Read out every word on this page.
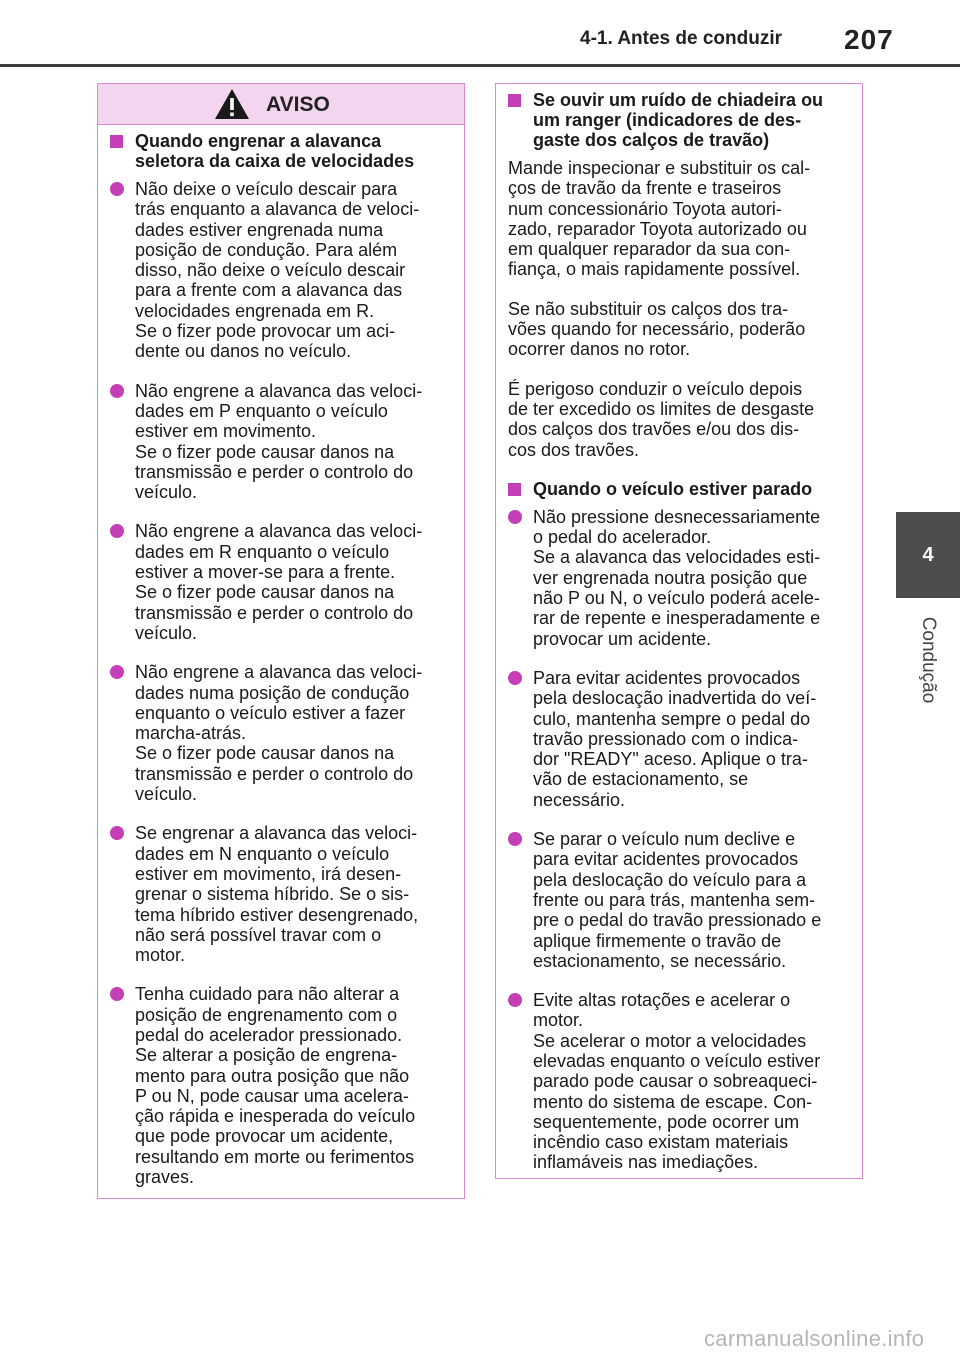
4-1. Antes de conduzir 207
4
Condução
AVISO
Quando engrenar a alavanca
seletora da caixa de velocidades
Não deixe o veículo descair para
trás enquanto a alavanca de veloci-
dades estiver engrenada numa
posição de condução. Para além
disso, não deixe o veículo descair
para a frente com a alavanca das
velocidades engrenada em R.
Se o fizer pode provocar um aci-
dente ou danos no veículo.
Não engrene a alavanca das veloci-
dades em P enquanto o veículo
estiver em movimento.
Se o fizer pode causar danos na
transmissão e perder o controlo do
veículo.
Não engrene a alavanca das veloci-
dades em R enquanto o veículo
estiver a mover-se para a frente.
Se o fizer pode causar danos na
transmissão e perder o controlo do
veículo.
Não engrene a alavanca das veloci-
dades numa posição de condução
enquanto o veículo estiver a fazer
marcha-atrás.
Se o fizer pode causar danos na
transmissão e perder o controlo do
veículo.
Se engrenar a alavanca das veloci-
dades em N enquanto o veículo
estiver em movimento, irá desen-
grenar o sistema híbrido. Se o sis-
tema híbrido estiver desengrenado,
não será possível travar com o
motor.
Tenha cuidado para não alterar a
posição de engrenamento com o
pedal do acelerador pressionado.
Se alterar a posição de engrena-
mento para outra posição que não
P ou N, pode causar uma acelera-
ção rápida e inesperada do veículo
que pode provocar um acidente,
resultando em morte ou ferimentos
graves.
Se ouvir um ruído de chiadeira ou
um ranger (indicadores de des-
gaste dos calços de travão)
Mande inspecionar e substituir os cal-
ços de travão da frente e traseiros
num concessionário Toyota autori-
zado, reparador Toyota autorizado ou
em qualquer reparador da sua con-
fiança, o mais rapidamente possível.
Se não substituir os calços dos tra-
vões quando for necessário, poderão
ocorrer danos no rotor.
É perigoso conduzir o veículo depois
de ter excedido os limites de desgaste
dos calços dos travões e/ou dos dis-
cos dos travões.
Quando o veículo estiver parado
Não pressione desnecessariamente
o pedal do acelerador.
Se a alavanca das velocidades esti-
ver engrenada noutra posição que
não P ou N, o veículo poderá acele-
rar de repente e inesperadamente e
provocar um acidente.
Para evitar acidentes provocados
pela deslocação inadvertida do veí-
culo, mantenha sempre o pedal do
travão pressionado com o indica-
dor "READY" aceso. Aplique o tra-
vão de estacionamento, se
necessário.
Se parar o veículo num declive e
para evitar acidentes provocados
pela deslocação do veículo para a
frente ou para trás, mantenha sem-
pre o pedal do travão pressionado e
aplique firmemente o travão de
estacionamento, se necessário.
Evite altas rotações e acelerar o
motor.
Se acelerar o motor a velocidades
elevadas enquanto o veículo estiver
parado pode causar o sobreaqueci-
mento do sistema de escape. Con-
sequentemente, pode ocorrer um
incêndio caso existam materiais
inflamáveis nas imediações.
carmanualsonline.info
